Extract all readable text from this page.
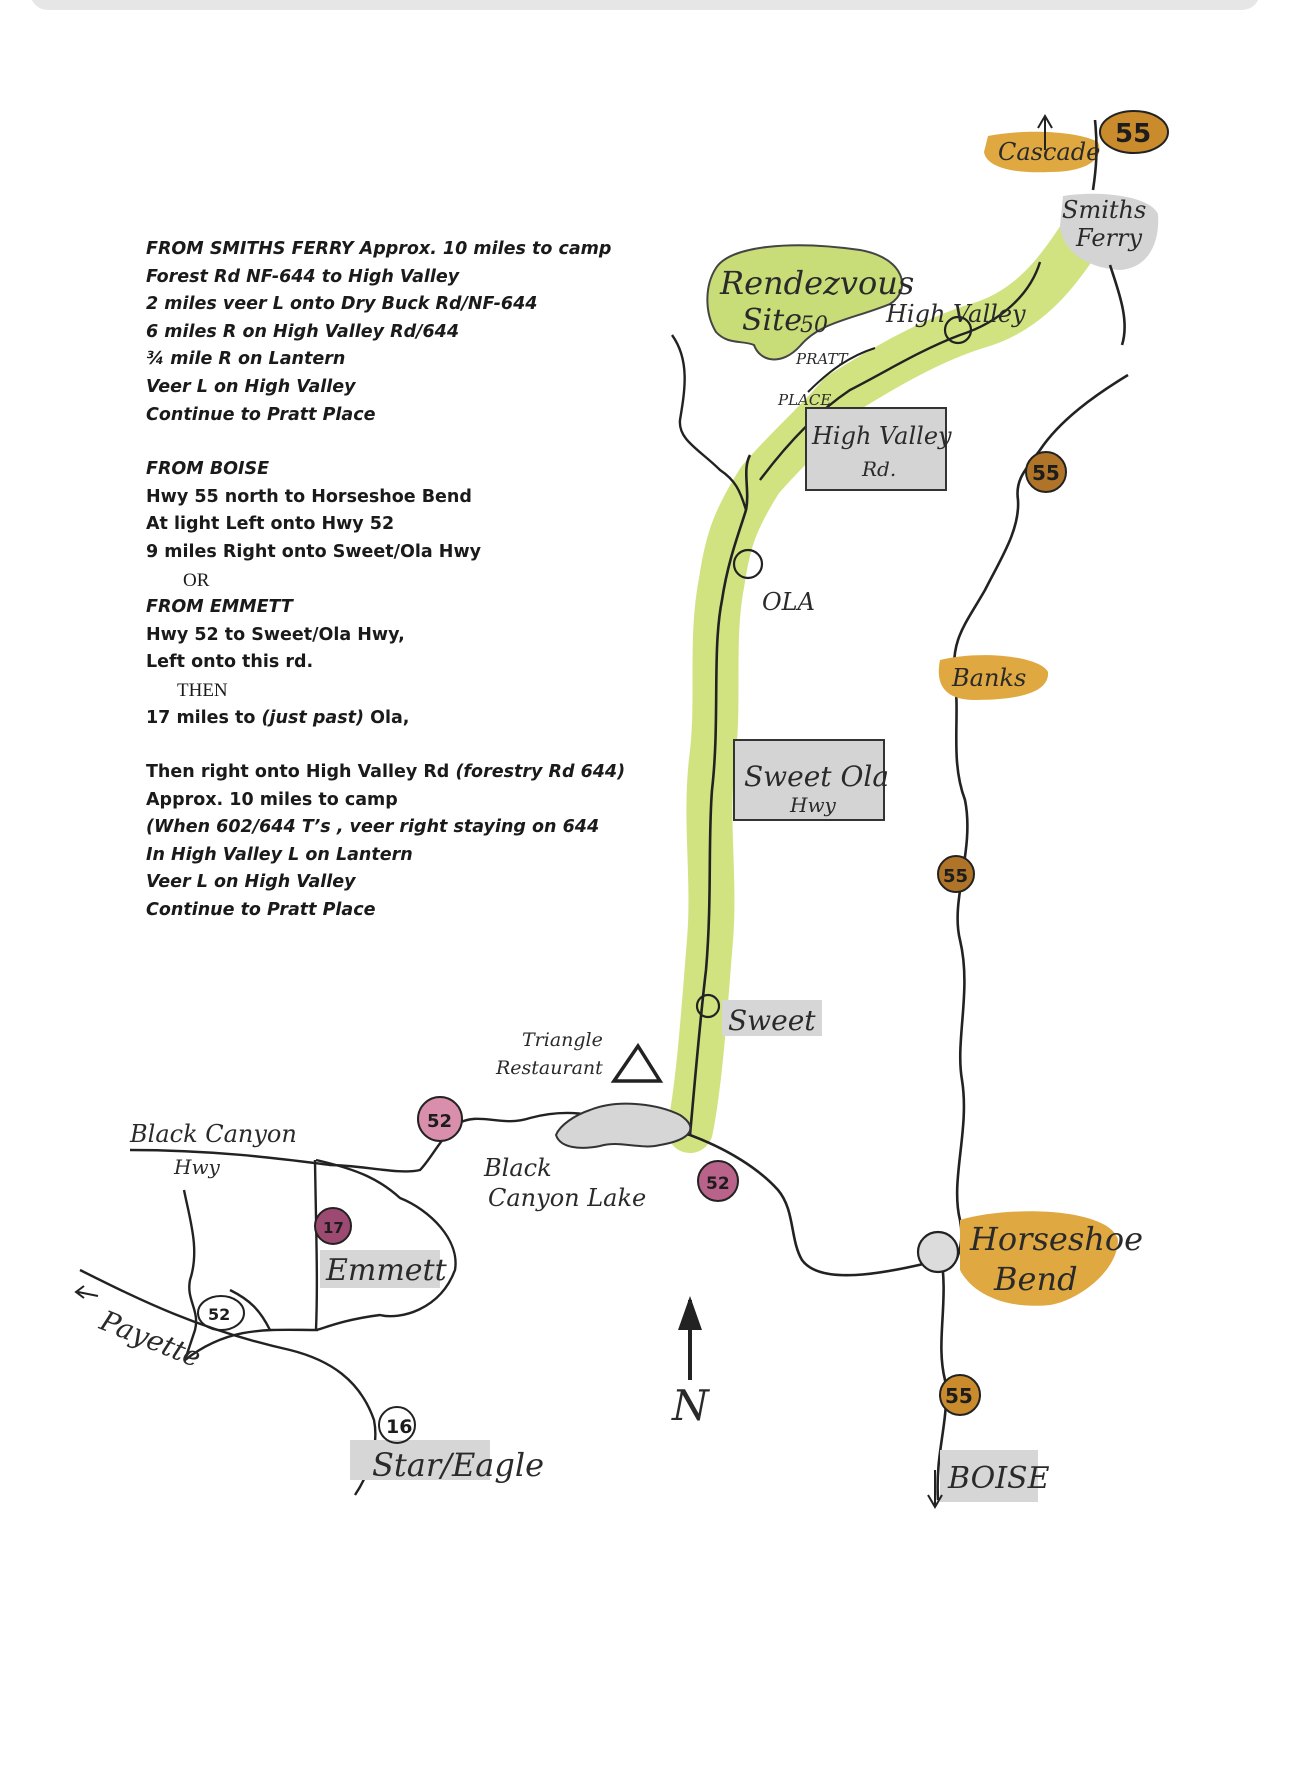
FROM SMITHS FERRY Approx. 10 miles to camp
Forest Rd NF-644 to High Valley
2 miles veer L onto Dry Buck Rd/NF-644
6 miles R on High Valley Rd/644
¾ mile R on Lantern
Veer L on High Valley
Continue to Pratt Place
FROM BOISE
Hwy 55 north to Horseshoe Bend
At light Left onto Hwy 52
9 miles Right onto Sweet/Ola Hwy
OR
FROM EMMETT
Hwy 52 to Sweet/Ola Hwy,
Left onto this rd.
THEN
17 miles to (just past) Ola,
Then right onto High Valley Rd (forestry Rd 644)
Approx. 10 miles to camp
(When 602/644 T’s , veer right staying on 644
In High Valley L on Lantern
Veer L on High Valley
Continue to Pratt Place
N
55
55
55
55
52
52
52
16
17
Cascade
Smiths
Ferry
Rendezvous
Site
50
PRATT
PLACE
High Valley
High Valley
Rd.
OLA
Banks
Sweet Ola
Hwy
Sweet
Triangle
Restaurant
Black
Canyon Lake
Black Canyon
Hwy
Emmett
Payette
Star/Eagle
Horseshoe
Bend
BOISE
